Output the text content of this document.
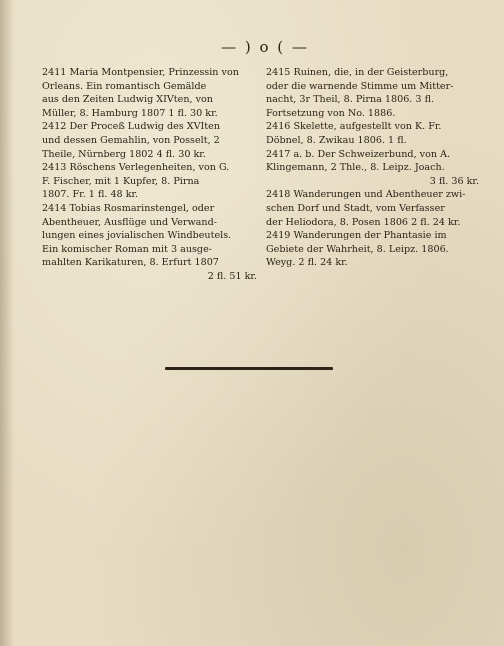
— ) o ( —

2411 Maria Montpensier, Prinzessin von
Orleans. Ein romantisch Gemälde
aus den Zeiten Ludwig XIVten, von
Müller, 8. Hamburg 1807 1 fl. 30 kr.

2412 Der Proceß Ludwig des XVIten
und dessen Gemahlin, von Posselt, 2
Theile, Nürnberg 1802 4 fl. 30 kr.

2413 Röschens Verlegenheiten, von G.
F. Fischer, mit 1 Kupfer, 8. Pirna
1807. Fr. 1 fl. 48 kr.

2414 Tobias Rosmarinstengel, oder
Abentheuer, Ausflüge und Verwand-
lungen eines jovialischen Windbeutels.
Ein komischer Roman mit 3 ausge-
mahlten Karikaturen, 8. Erfurt 1807
2 fl. 51 kr.

2415 Ruinen, die, in der Geisterburg,
oder die warnende Stimme um Mitter-
nacht, 3r Theil, 8. Pirna 1806. 3 fl.
Fortsetzung von No. 1886.

2416 Skelette, aufgestellt von K. Fr.
Döbnel, 8. Zwikau 1806. 1 fl.

2417 a. b. Der Schweizerbund, von A.
Klingemann, 2 Thle., 8. Leipz. Joach.
3 fl. 36 kr.

2418 Wanderungen und Abentheuer zwi-
schen Dorf und Stadt, vom Verfasser
der Heliodora, 8. Posen 1806 2 fl. 24 kr.

2419 Wanderungen der Phantasie im
Gebiete der Wahrheit, 8. Leipz. 1806.
Weyg. 2 fl. 24 kr.
